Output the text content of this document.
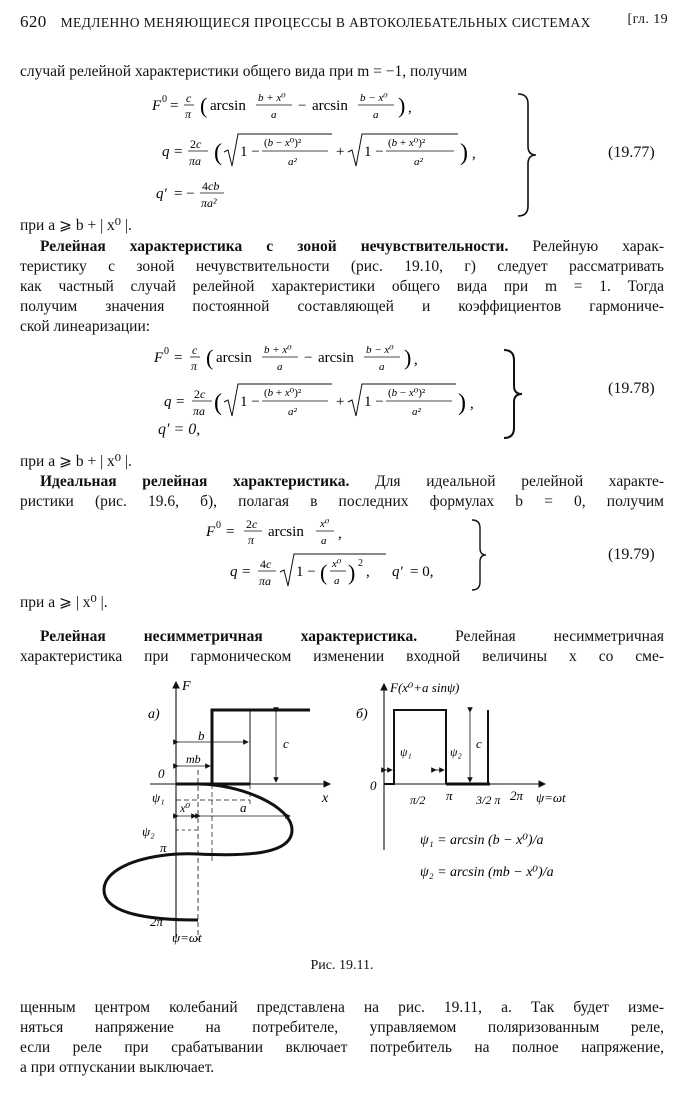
620 МЕДЛЕННО МЕНЯЮЩИЕСЯ ПРОЦЕССЫ В АВТОКОЛЕБАТЕЛЬНЫХ СИСТЕМАХ	[гл. 19
случай релейной характеристики общего вида при m = −1, получим
F 0 = c
π ( arcsin b + x⁰
a
− arcsin b − x⁰
a ) ,
q = 2c
πa ( 1 −
(b − x⁰)²
a²
+ 1 −
(b + x⁰)²
a² ) ,
q′ = − 4cb
πa²
(19.77)
при a ⩾ b + | x⁰ |.
Релейная характеристика с зоной нечувствительности. Релейную харак-
теристику с зоной нечувствительности (рис. 19.10, г) следует рассматривать
как частный случай релейной характеристики общего вида при m = 1. Тогда
получим значения постоянной составляющей и коэффициентов гармониче-
ской линеаризации:
F 0 = c
π ( arcsin b + x⁰
a
− arcsin b − x⁰
a ) ,
q = 2c
πa ( 1 −
(b + x⁰)²
a²
+ 1 −
(b − x⁰)²
a² ) ,
q′ = 0,
(19.78)
при a ⩾ b + | x⁰ |.
Идеальная релейная характеристика. Для идеальной релейной характе-
ристики (рис. 19.6, б), полагая в последних формулах b = 0, получим
F 0 = 2c
π arcsin x⁰
a ,
q = 4c
πa
1 − ( x⁰
a ) 2
, q′ = 0,
(19.79)
при a ⩾ | x⁰ |.
Релейная несимметричная характеристика. Релейная несимметричная
характеристика при гармоническом изменении входной величины x со сме-
а)
F
x
0
b
mb
c
ψ=ωt
x⁰	a
ψ₁
ψ₂
π
2π
б)
F(x⁰+a sinψ)
0
c
ψ₁	ψ₂
π/2 π 3/2 π 2π ψ=ωt
ψ₁ = arcsin (b − x⁰)/a
ψ₂ = arcsin (mb − x⁰)/a
Рис. 19.11.
щенным центром колебаний представлена на рис. 19.11, а. Так будет изме-
няться напряжение на потребителе, управляемом поляризованным реле,
если реле при срабатывании включает потребитель на полное напряжение,
а при отпускании выключает.
